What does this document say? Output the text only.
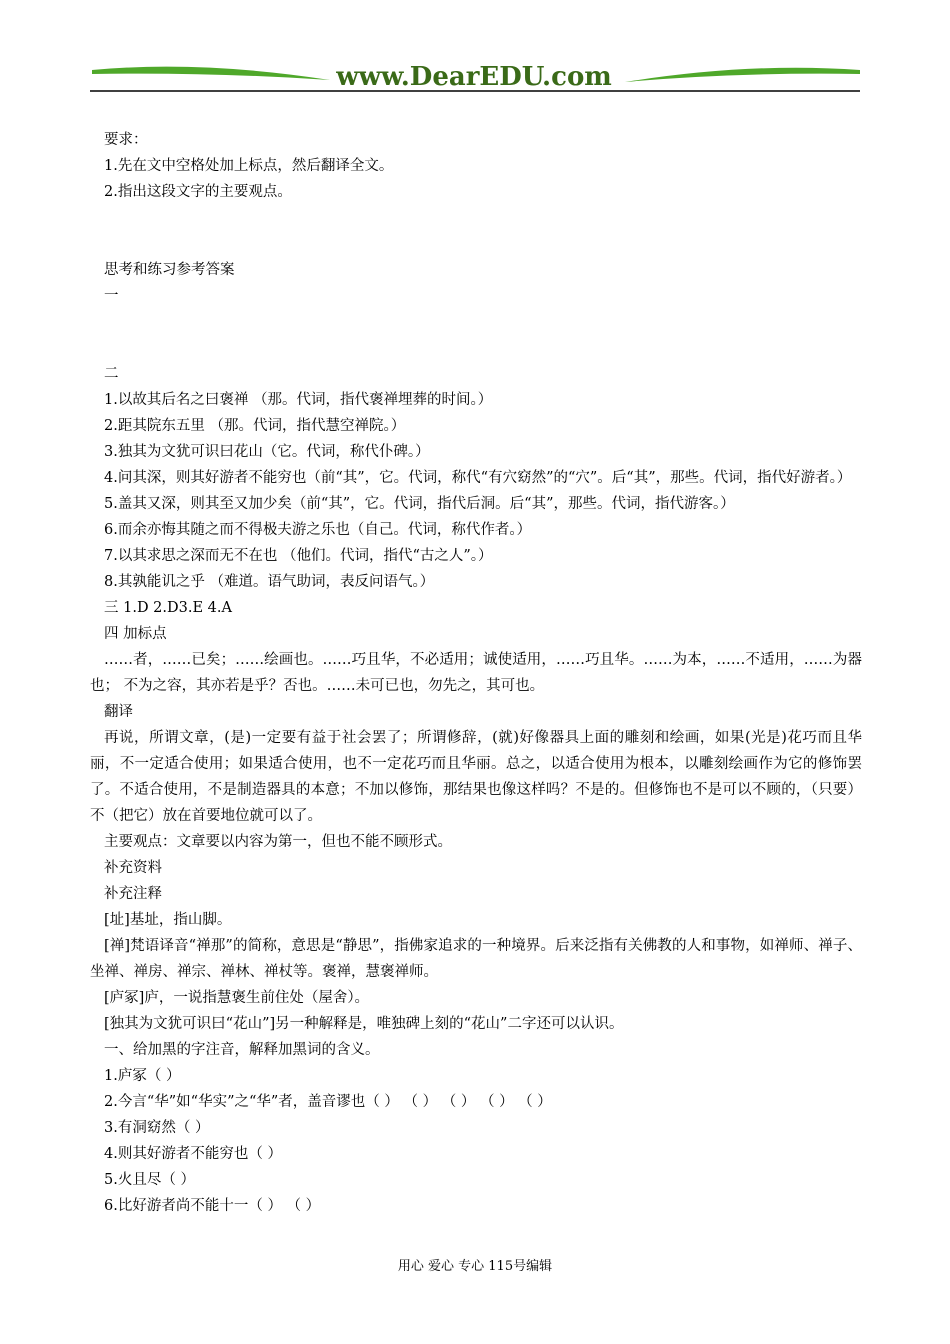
www.DearEDU.com
要求：
1.先在文中空格处加上标点，然后翻译全文。
2.指出这段文字的主要观点。
思考和练习参考答案
一
二
1.以故其后名之曰褒禅 （那。代词，指代褒禅埋葬的时间。）
2.距其院东五里 （那。代词，指代慧空禅院。）
3.独其为文犹可识曰花山（它。代词，称代仆碑。）
4.问其深，则其好游者不能穷也（前“其”，它。代词，称代“有穴窈然”的“穴”。后“其”，那些。代词，指代好游者。）
5.盖其又深，则其至又加少矣（前“其”，它。代词，指代后洞。后“其”，那些。代词，指代游客。）
6.而余亦悔其随之而不得极夫游之乐也（自己。代词，称代作者。）
7.以其求思之深而无不在也 （他们。代词，指代“古之人”。）
8.其孰能讥之乎 （难道。语气助词，表反问语气。）
三 1.D 2.D3.E 4.A
四 加标点
……者，……已矣；……绘画也。……巧且华，不必适用；诚使适用，……巧且华。……为本，……不适用，……为器也； 不为之容，其亦若是乎？否也。……未可已也，勿先之，其可也。
翻译
再说，所谓文章，(是)一定要有益于社会罢了；所谓修辞，(就)好像器具上面的雕刻和绘画，如果(光是)花巧而且华丽，不一定适合使用；如果适合使用，也不一定花巧而且华丽。总之，以适合使用为根本，以雕刻绘画作为它的修饰罢了。不适合使用，不是制造器具的本意；不加以修饰，那结果也像这样吗？不是的。但修饰也不是可以不顾的，（只要）不（把它）放在首要地位就可以了。
主要观点：文章要以内容为第一，但也不能不顾形式。
补充资料
补充注释
[址]基址，指山脚。
[禅]梵语译音“禅那”的简称，意思是“静思”，指佛家追求的一种境界。后来泛指有关佛教的人和事物，如禅师、禅子、坐禅、禅房、禅宗、禅林、禅杖等。褒禅，慧褒禅师。
[庐冢]庐，一说指慧褒生前住处（屋舍）。
[独其为文犹可识曰“花山”]另一种解释是，唯独碑上刻的“花山”二字还可以认识。
一、给加黑的字注音，解释加黑词的含义。
1.庐冢（ ）
2.今言“华”如“华实”之“华”者，盖音谬也（ ） （ ） （ ） （ ） （ ）
3.有洞窈然（ ）
4.则其好游者不能穷也（ ）
5.火且尽（ ）
6.比好游者尚不能十一（ ） （ ）
用心 爱心 专心 115号编辑
